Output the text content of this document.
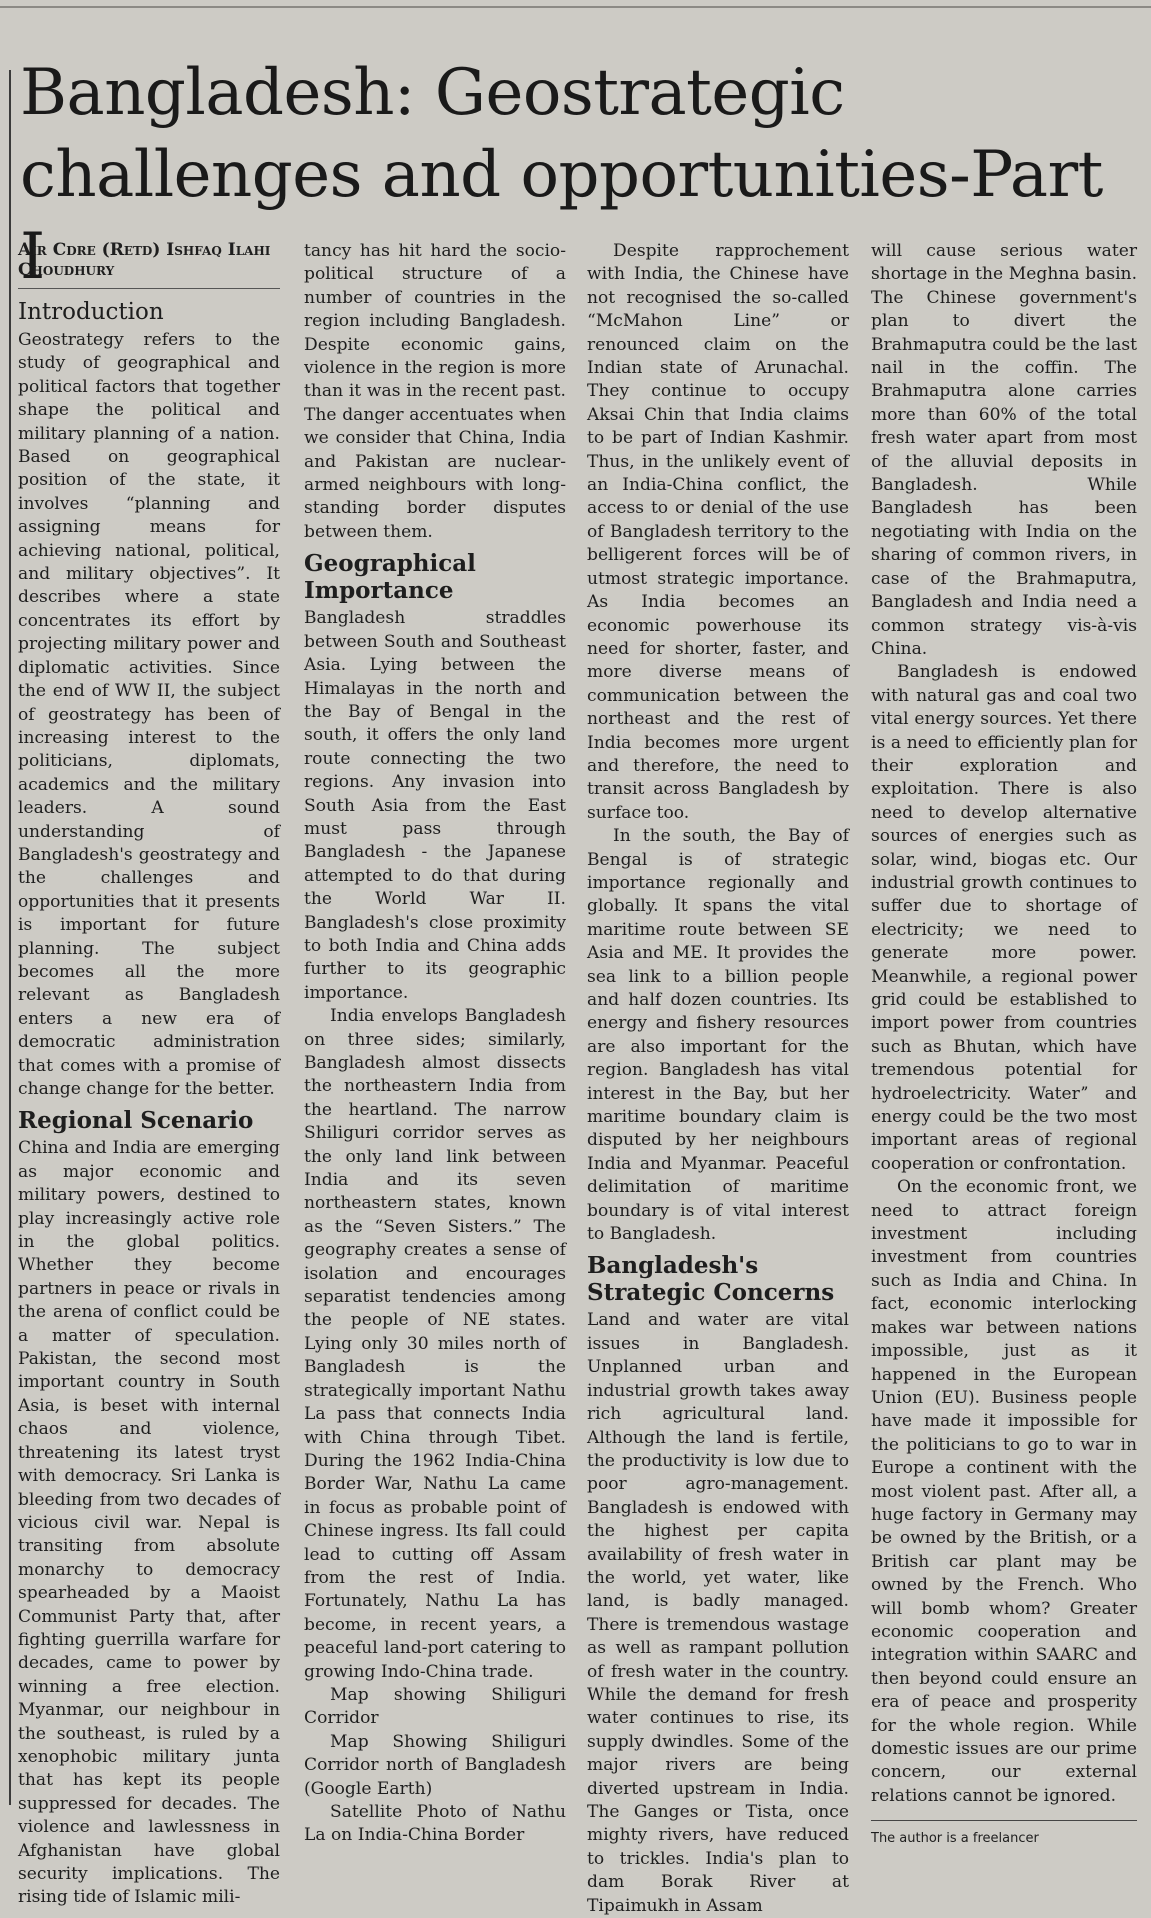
Bangladesh: Geostrategic challenges and opportunities-Part I
Air Cdre (Retd) Ishfaq Ilahi Choudhury
Introduction

Geostrategy refers to the study of geographical and political factors that together shape the political and military planning of a nation. Based on geographical position of the state, it involves “planning and assigning means for achieving national, political, and military objectives”. It describes where a state concentrates its effort by projecting military power and diplomatic activities. Since the end of WW II, the subject of geostrategy has been of increasing interest to the politicians, diplomats, academics and the military leaders. A sound understanding of Bangladesh's geostrategy and the challenges and opportunities that it presents is important for future planning. The subject becomes all the more relevant as Bangladesh enters a new era of democratic administration that comes with a promise of change change for the better.

Regional Scenario

China and India are emerging as major economic and military powers, destined to play increasingly active role in the global politics. Whether they become partners in peace or rivals in the arena of conflict could be a matter of speculation. Pakistan, the second most important country in South Asia, is beset with internal chaos and violence, threatening its latest tryst with democracy. Sri Lanka is bleeding from two decades of vicious civil war. Nepal is transiting from absolute monarchy to democracy spearheaded by a Maoist Communist Party that, after fighting guerrilla warfare for decades, came to power by winning a free election. Myanmar, our neighbour in the southeast, is ruled by a xenophobic military junta that has kept its people suppressed for decades. The violence and lawlessness in Afghanistan have global security implications. The rising tide of Islamic mili-

tancy has hit hard the socio-political structure of a number of countries in the region including Bangladesh. Despite economic gains, violence in the region is more than it was in the recent past. The danger accentuates when we consider that China, India and Pakistan are nuclear-armed neighbours with long-standing border disputes between them.

Geographical Importance

Bangladesh straddles between South and Southeast Asia. Lying between the Himalayas in the north and the Bay of Bengal in the south, it offers the only land route connecting the two regions. Any invasion into South Asia from the East must pass through Bangladesh - the Japanese attempted to do that during the World War II. Bangladesh's close proximity to both India and China adds further to its geographic importance.

India envelops Bangladesh on three sides; similarly, Bangladesh almost dissects the northeastern India from the heartland. The narrow Shiliguri corridor serves as the only land link between India and its seven northeastern states, known as the “Seven Sisters.” The geography creates a sense of isolation and encourages separatist tendencies among the people of NE states. Lying only 30 miles north of Bangladesh is the strategically important Nathu La pass that connects India with China through Tibet. During the 1962 India-China Border War, Nathu La came in focus as probable point of Chinese ingress. Its fall could lead to cutting off Assam from the rest of India. Fortunately, Nathu La has become, in recent years, a peaceful land-port catering to growing Indo-China trade.

Map showing Shiliguri Corridor

Map Showing Shiliguri Corridor north of Bangladesh (Google Earth)

Satellite Photo of Nathu La on India-China Border

Despite rapprochement with India, the Chinese have not recognised the so-called “McMahon Line” or renounced claim on the Indian state of Arunachal. They continue to occupy Aksai Chin that India claims to be part of Indian Kashmir. Thus, in the unlikely event of an India-China conflict, the access to or denial of the use of Bangladesh territory to the belligerent forces will be of utmost strategic importance. As India becomes an economic powerhouse its need for shorter, faster, and more diverse means of communication between the northeast and the rest of India becomes more urgent and therefore, the need to transit across Bangladesh by surface too.

In the south, the Bay of Bengal is of strategic importance regionally and globally. It spans the vital maritime route between SE Asia and ME. It provides the sea link to a billion people and half dozen countries. Its energy and fishery resources are also important for the region. Bangladesh has vital interest in the Bay, but her maritime boundary claim is disputed by her neighbours India and Myanmar. Peaceful delimitation of maritime boundary is of vital interest to Bangladesh.

Bangladesh's Strategic Concerns

Land and water are vital issues in Bangladesh. Unplanned urban and industrial growth takes away rich agricultural land. Although the land is fertile, the productivity is low due to poor agro-management. Bangladesh is endowed with the highest per capita availability of fresh water in the world, yet water, like land, is badly managed. There is tremendous wastage as well as rampant pollution of fresh water in the country. While the demand for fresh water continues to rise, its supply dwindles. Some of the major rivers are being diverted upstream in India. The Ganges or Tista, once mighty rivers, have reduced to trickles. India's plan to dam Borak River at Tipaimukh in Assam

will cause serious water shortage in the Meghna basin. The Chinese government's plan to divert the Brahmaputra could be the last nail in the coffin. The Brahmaputra alone carries more than 60% of the total fresh water apart from most of the alluvial deposits in Bangladesh. While Bangladesh has been negotiating with India on the sharing of common rivers, in case of the Brahmaputra, Bangladesh and India need a common strategy vis-à-vis China.

Bangladesh is endowed with natural gas and coal two vital energy sources. Yet there is a need to efficiently plan for their exploration and exploitation. There is also need to develop alternative sources of energies such as solar, wind, biogas etc. Our industrial growth continues to suffer due to shortage of electricity; we need to generate more power. Meanwhile, a regional power grid could be established to import power from countries such as Bhutan, which have tremendous potential for hydroelectricity. Waterˮ and energy could be the two most important areas of regional cooperation or confrontation.

On the economic front, we need to attract foreign investment including investment from countries such as India and China. In fact, economic interlocking makes war between nations impossible, just as it happened in the European Union (EU). Business people have made it impossible for the politicians to go to war in Europe a continent with the most violent past. After all, a huge factory in Germany may be owned by the British, or a British car plant may be owned by the French. Who will bomb whom? Greater economic cooperation and integration within SAARC and then beyond could ensure an era of peace and prosperity for the whole region. While domestic issues are our prime concern, our external relations cannot be ignored.

The author is a freelancer
